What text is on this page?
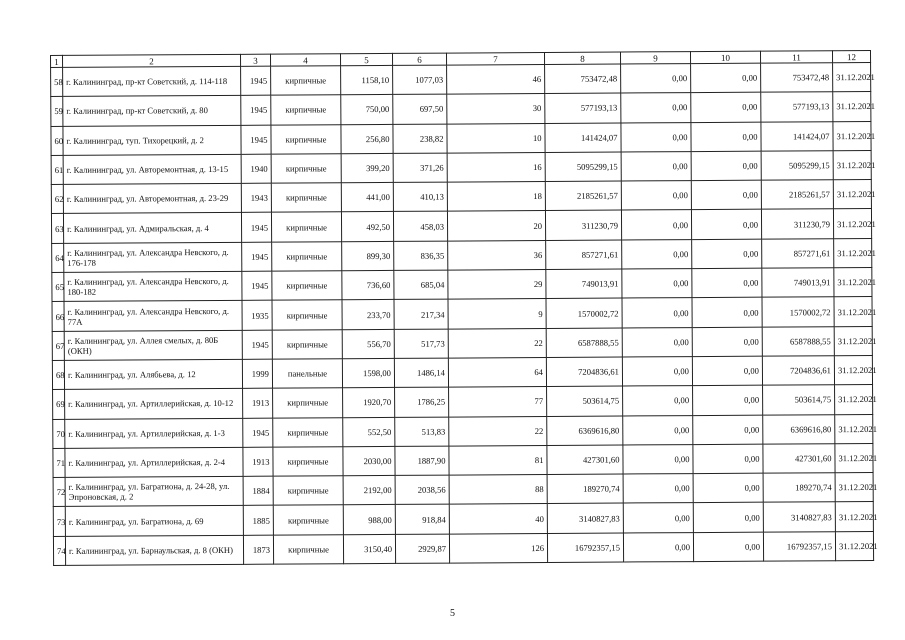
1	2	3	4	5	6	7	8	9	10	11	12
58	г. Калининград, пр-кт Советский, д. 114-118	1945	кирпичные	1158,10	1077,03	46	753472,48	0,00	0,00	753472,48	31.12.2021
59	г. Калининград, пр-кт Советский, д. 80	1945	кирпичные	750,00	697,50	30	577193,13	0,00	0,00	577193,13	31.12.2021
60	г. Калининград, туп. Тихорецкий, д. 2	1945	кирпичные	256,80	238,82	10	141424,07	0,00	0,00	141424,07	31.12.2021
61	г. Калининград, ул. Авторемонтная, д. 13-15	1940	кирпичные	399,20	371,26	16	5095299,15	0,00	0,00	5095299,15	31.12.2021
62	г. Калининград, ул. Авторемонтная, д. 23-29	1943	кирпичные	441,00	410,13	18	2185261,57	0,00	0,00	2185261,57	31.12.2021
63	г. Калининград, ул. Адмиральская, д. 4	1945	кирпичные	492,50	458,03	20	311230,79	0,00	0,00	311230,79	31.12.2021
64	г. Калининград, ул. Александра Невского, д. 176-178	1945	кирпичные	899,30	836,35	36	857271,61	0,00	0,00	857271,61	31.12.2021
65	г. Калининград, ул. Александра Невского, д. 180-182	1945	кирпичные	736,60	685,04	29	749013,91	0,00	0,00	749013,91	31.12.2021
66	г. Калининград, ул. Александра Невского, д. 77А	1935	кирпичные	233,70	217,34	9	1570002,72	0,00	0,00	1570002,72	31.12.2021
67	г. Калининград, ул. Аллея смелых, д. 80Б (ОКН)	1945	кирпичные	556,70	517,73	22	6587888,55	0,00	0,00	6587888,55	31.12.2021
68	г. Калининград, ул. Алябьева, д. 12	1999	панельные	1598,00	1486,14	64	7204836,61	0,00	0,00	7204836,61	31.12.2021
69	г. Калининград, ул. Артиллерийская, д. 10-12	1913	кирпичные	1920,70	1786,25	77	503614,75	0,00	0,00	503614,75	31.12.2021
70	г. Калининград, ул. Артиллерийская, д. 1-3	1945	кирпичные	552,50	513,83	22	6369616,80	0,00	0,00	6369616,80	31.12.2021
71	г. Калининград, ул. Артиллерийская, д. 2-4	1913	кирпичные	2030,00	1887,90	81	427301,60	0,00	0,00	427301,60	31.12.2021
72	г. Калининград, ул. Багратиона, д. 24-28, ул. Эпроновская, д. 2	1884	кирпичные	2192,00	2038,56	88	189270,74	0,00	0,00	189270,74	31.12.2021
73	г. Калининград, ул. Багратиона, д. 69	1885	кирпичные	988,00	918,84	40	3140827,83	0,00	0,00	3140827,83	31.12.2021
74	г. Калининград, ул. Барнаульская, д. 8 (ОКН)	1873	кирпичные	3150,40	2929,87	126	16792357,15	0,00	0,00	16792357,15	31.12.2021
5
